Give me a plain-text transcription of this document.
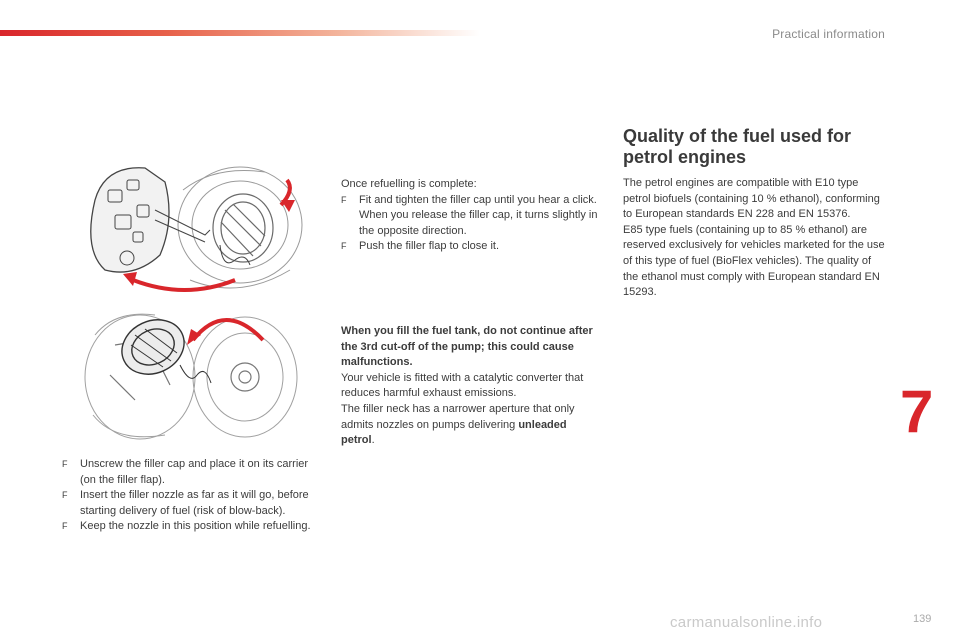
Practical information

F Unscrew the filler cap and place it on its carrier (on the filler flap).

F Insert the filler nozzle as far as it will go, before starting delivery of fuel (risk of blow-back).

F Keep the nozzle in this position while refuelling.

Once refuelling is complete:

F Fit and tighten the filler cap until you hear a click.

When you release the filler cap, it turns slightly in the opposite direction.

F Push the filler flap to close it.

When you fill the fuel tank, do not continue after the 3rd cut-off of the pump; this could cause malfunctions.

Your vehicle is fitted with a catalytic converter that reduces harmful exhaust emissions.

The filler neck has a narrower aperture that only admits nozzles on pumps delivering unleaded petrol.

Quality of the fuel used for petrol engines

The petrol engines are compatible with E10 type petrol biofuels (containing 10 % ethanol), conforming to European standards EN 228 and EN 15376.

E85 type fuels (containing up to 85 % ethanol) are reserved exclusively for vehicles marketed for the use of this type of fuel (BioFlex vehicles). The quality of the ethanol must comply with European standard EN 15293.

7
carmanualsonline.info	139
